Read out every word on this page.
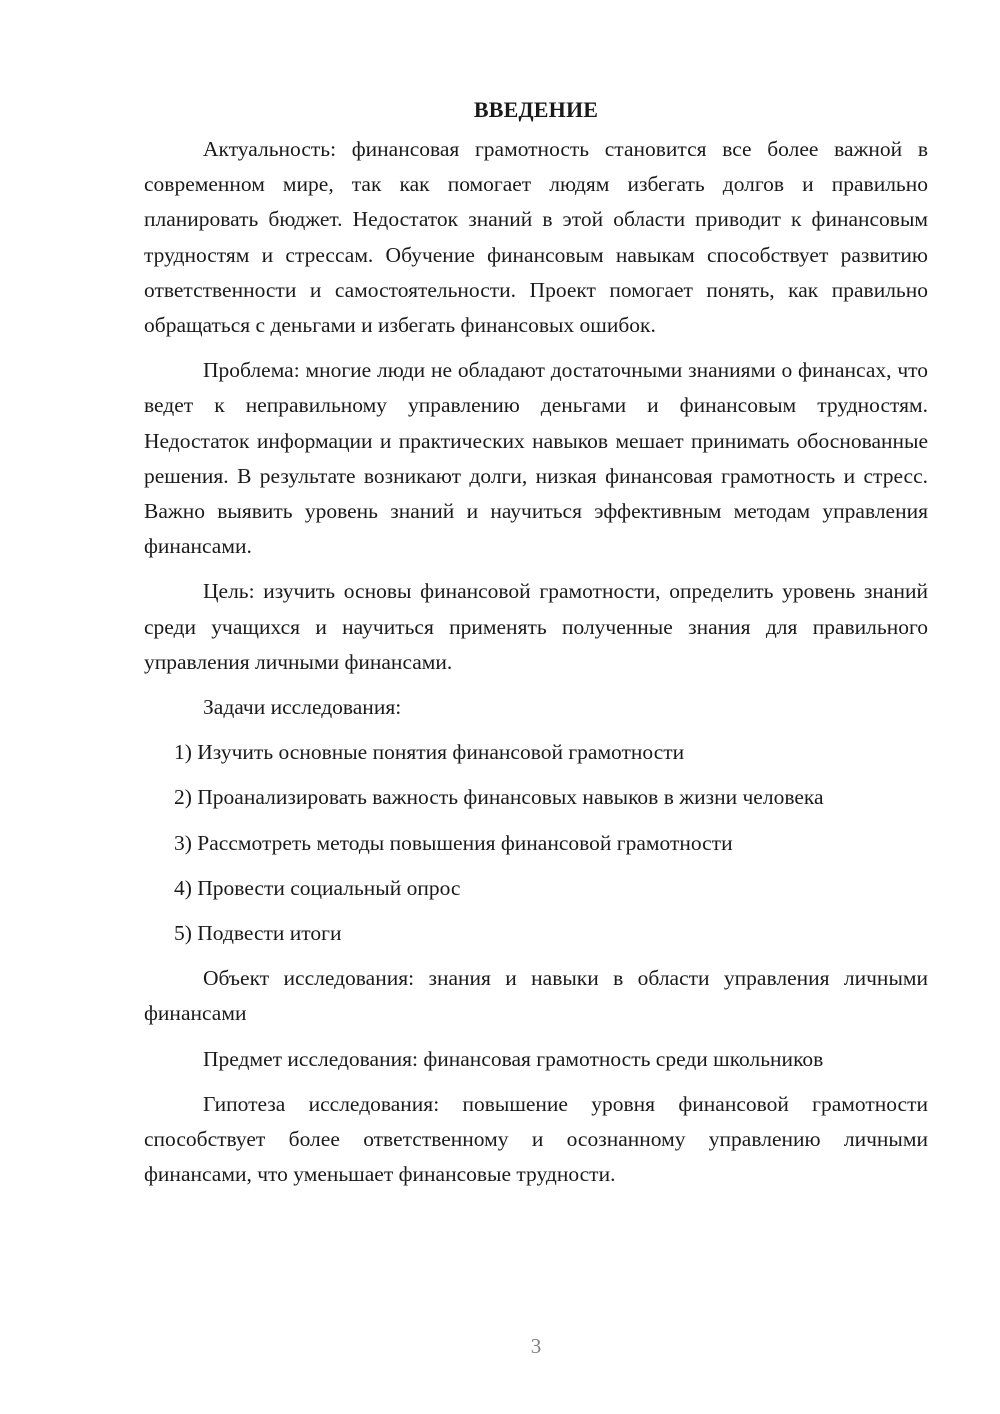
ВВЕДЕНИЕ

Актуальность: финансовая грамотность становится все более важной в современном мире, так как помогает людям избегать долгов и правильно планировать бюджет. Недостаток знаний в этой области приводит к финансовым трудностям и стрессам. Обучение финансовым навыкам способствует развитию ответственности и самостоятельности. Проект помогает понять, как правильно обращаться с деньгами и избегать финансовых ошибок.

Проблема: многие люди не обладают достаточными знаниями о финансах, что ведет к неправильному управлению деньгами и финансовым трудностям. Недостаток информации и практических навыков мешает принимать обоснованные решения. В результате возникают долги, низкая финансовая грамотность и стресс. Важно выявить уровень знаний и научиться эффективным методам управления финансами.

Цель: изучить основы финансовой грамотности, определить уровень знаний среди учащихся и научиться применять полученные знания для правильного управления личными финансами.

Задачи исследования:

1) Изучить основные понятия финансовой грамотности

2) Проанализировать важность финансовых навыков в жизни человека

3) Рассмотреть методы повышения финансовой грамотности

4) Провести социальный опрос

5) Подвести итоги

Объект исследования: знания и навыки в области управления личными финансами

Предмет исследования: финансовая грамотность среди школьников

Гипотеза исследования: повышение уровня финансовой грамотности способствует более ответственному и осознанному управлению личными финансами, что уменьшает финансовые трудности.

3
